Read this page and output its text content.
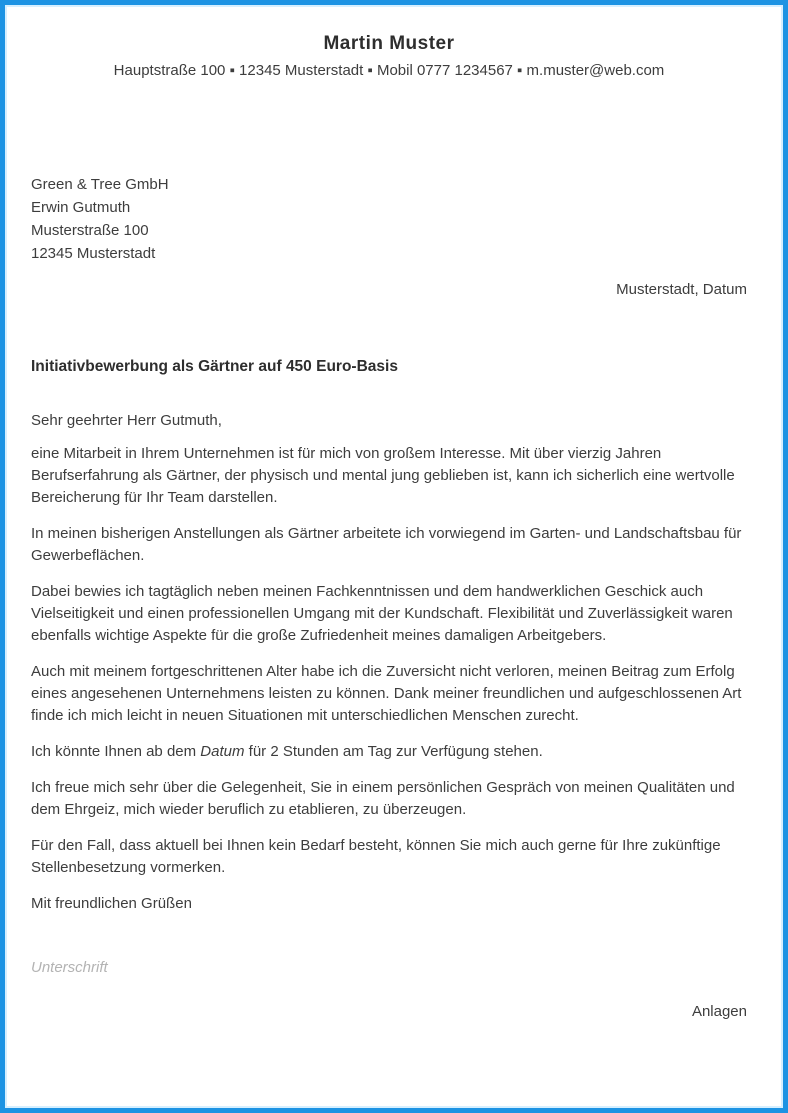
Martin Muster
Hauptstraße 100 ▪ 12345 Musterstadt ▪ Mobil 0777 1234567 ▪ m.muster@web.com
Green & Tree GmbH
Erwin Gutmuth
Musterstraße 100
12345 Musterstadt
Musterstadt, Datum
Initiativbewerbung als Gärtner auf 450 Euro-Basis
Sehr geehrter Herr Gutmuth,

eine Mitarbeit in Ihrem Unternehmen ist für mich von großem Interesse. Mit über vierzig Jahren Berufserfahrung als Gärtner, der physisch und mental jung geblieben ist, kann ich sicherlich eine wertvolle Bereicherung für Ihr Team darstellen.

In meinen bisherigen Anstellungen als Gärtner arbeitete ich vorwiegend im Garten- und Landschaftsbau für Gewerbeflächen.

Dabei bewies ich tagtäglich neben meinen Fachkenntnissen und dem handwerklichen Geschick auch Vielseitigkeit und einen professionellen Umgang mit der Kundschaft. Flexibilität und Zuverlässigkeit waren ebenfalls wichtige Aspekte für die große Zufriedenheit meines damaligen Arbeitgebers.

Auch mit meinem fortgeschrittenen Alter habe ich die Zuversicht nicht verloren, meinen Beitrag zum Erfolg eines angesehenen Unternehmens leisten zu können. Dank meiner freundlichen und aufgeschlossenen Art finde ich mich leicht in neuen Situationen mit unterschiedlichen Menschen zurecht.

Ich könnte Ihnen ab dem Datum für 2 Stunden am Tag zur Verfügung stehen.

Ich freue mich sehr über die Gelegenheit, Sie in einem persönlichen Gespräch von meinen Qualitäten und dem Ehrgeiz, mich wieder beruflich zu etablieren, zu überzeugen.

Für den Fall, dass aktuell bei Ihnen kein Bedarf besteht, können Sie mich auch gerne für Ihre zukünftige Stellenbesetzung vormerken.

Mit freundlichen Grüßen
Unterschrift
Anlagen
